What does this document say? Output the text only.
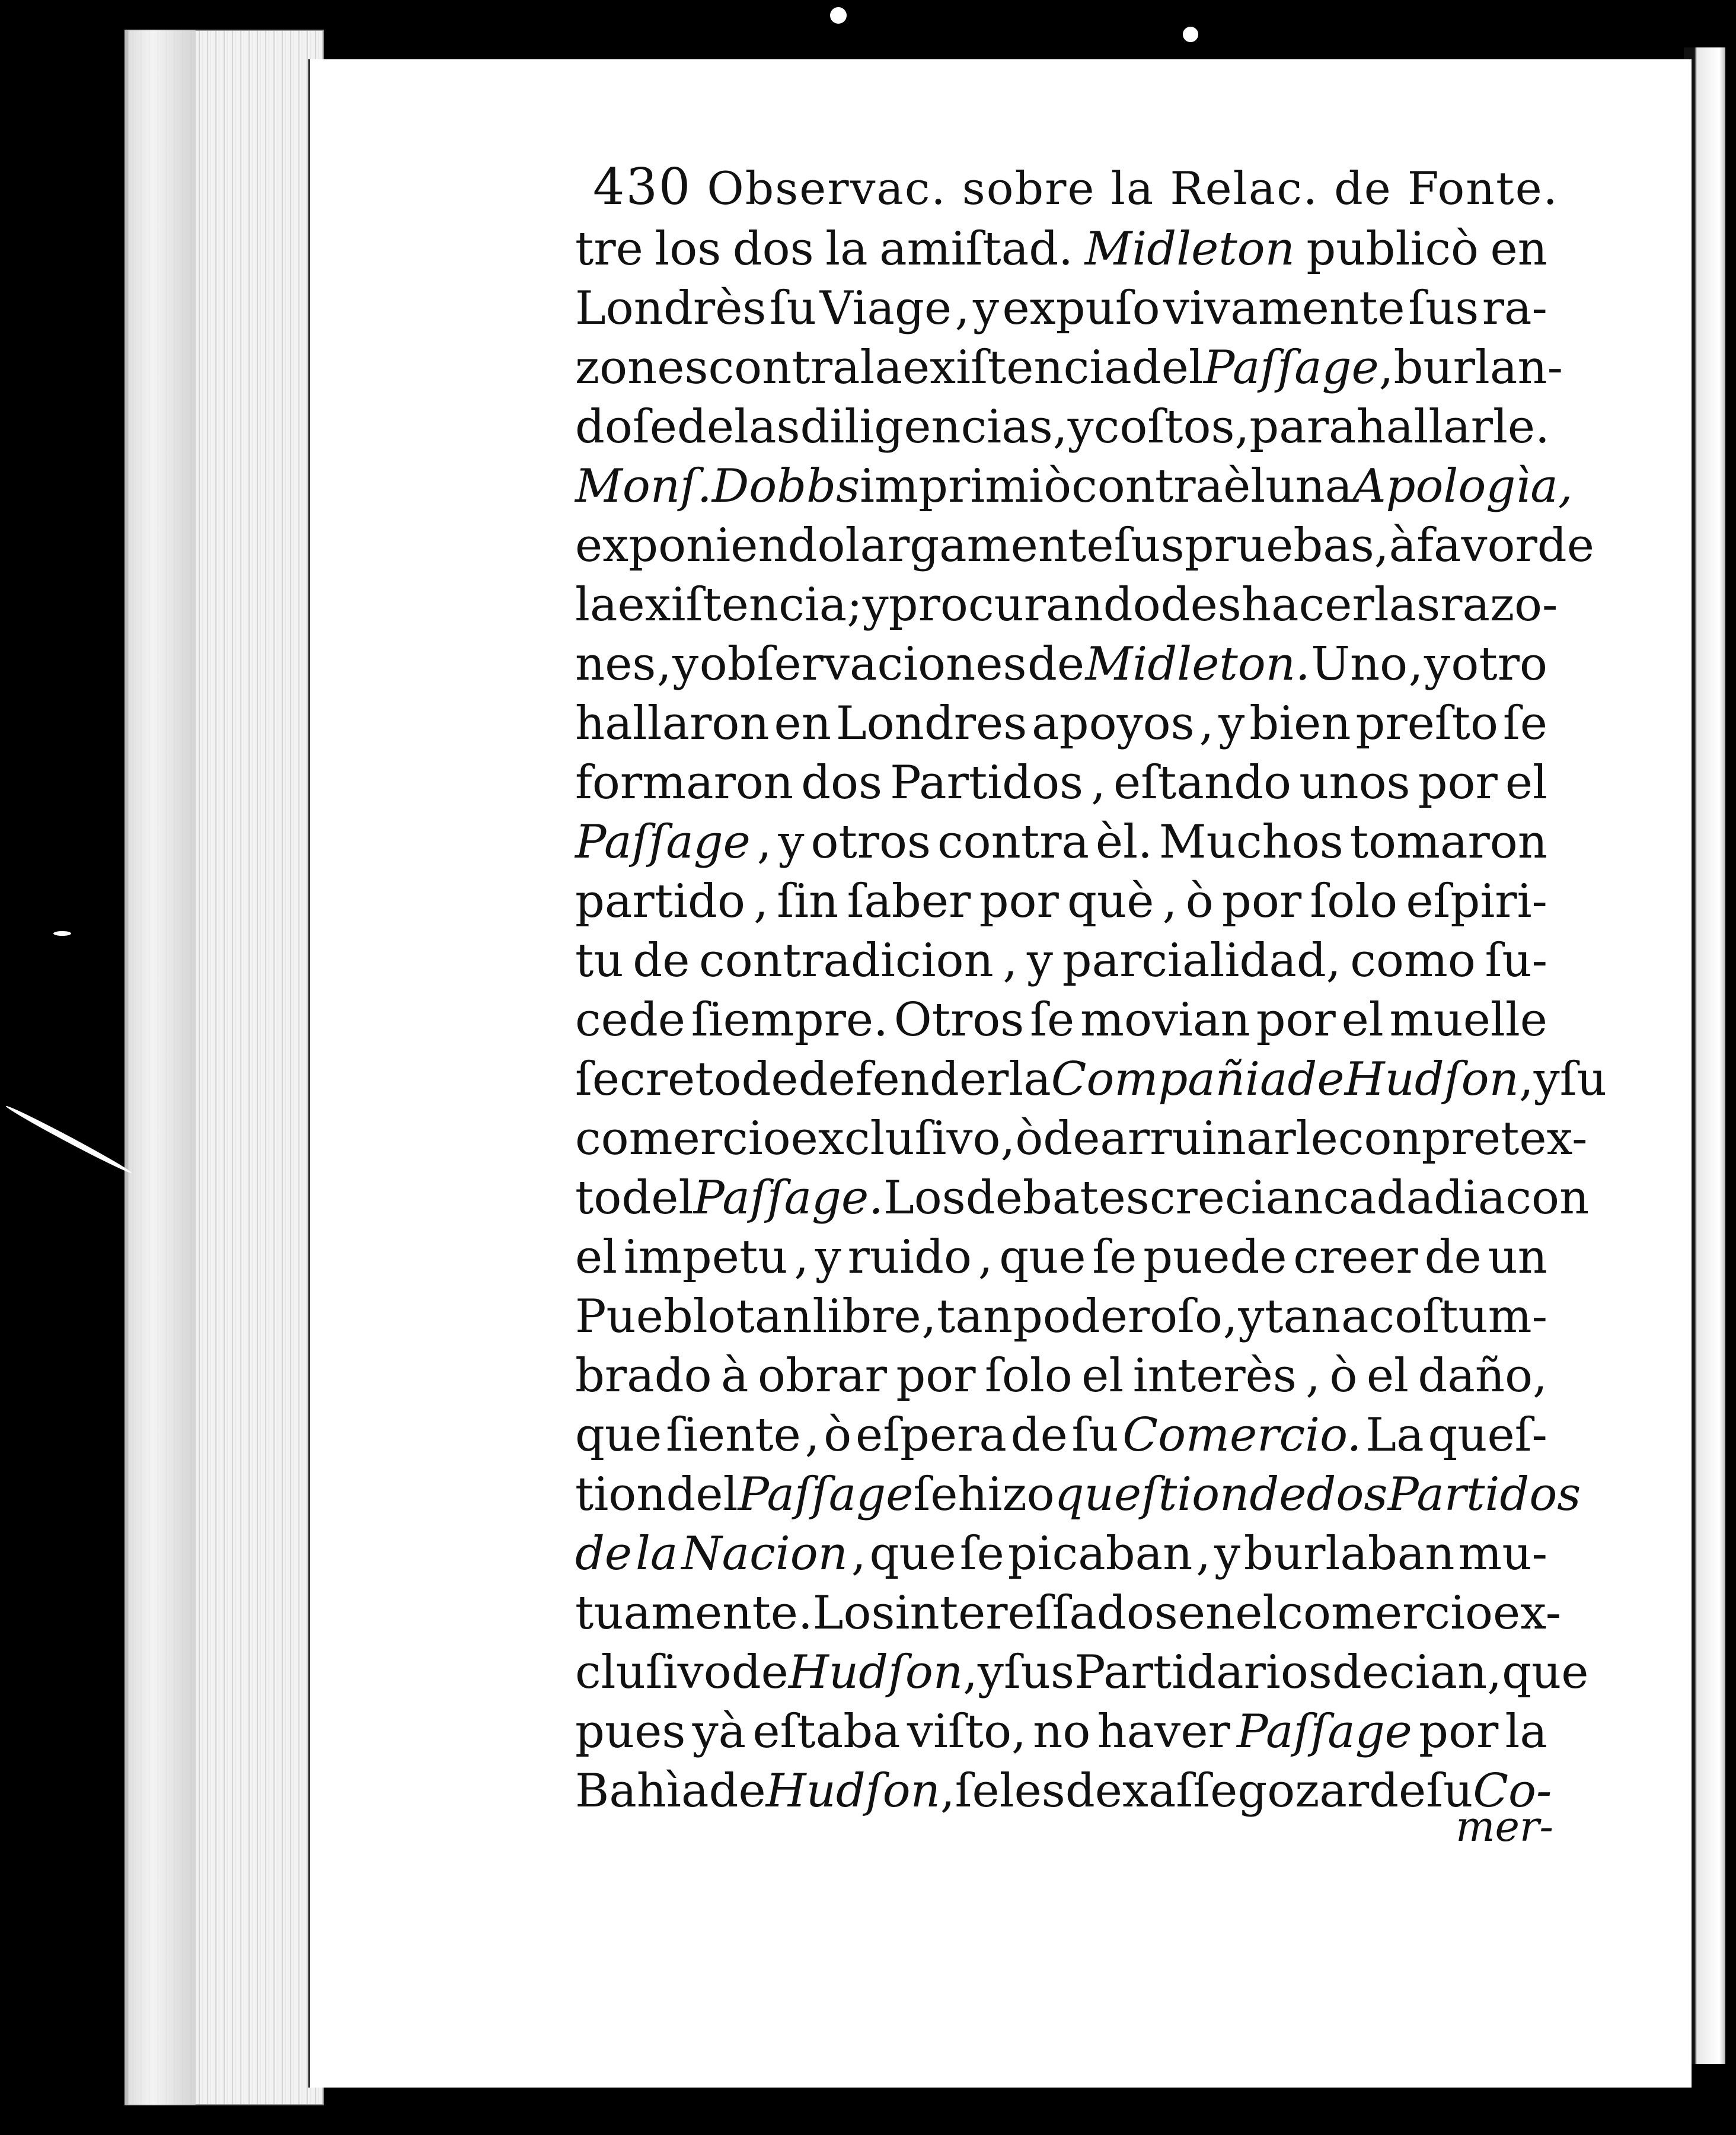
430 Observac. sobre la Relac. de Fonte.
tre los dos la amiſtad. Midleton publicò en
Londrès ſu Viage , y expuſo vivamente ſus ra-
zones contra la exiſtencia del Paſſage , burlan-
doſe de las diligencias , y coſtos , para hallarle.
Monſ. Dobbs imprimiò contra èl una Apologìa,
exponiendo largamente ſus pruebas , à favor de
la exiſtencia ; y procurando deshacer las razo-
nes , y obſervaciones de Midleton. Uno , y otro
hallaron en Londres apoyos , y bien preſto ſe
formaron dos Partidos , eſtando unos por el
Paſſage , y otros contra èl. Muchos tomaron
partido , ſin ſaber por què , ò por ſolo eſpiri-
tu de contradicion , y parcialidad, como ſu-
cede ſiempre. Otros ſe movian por el muelle
ſecreto de defender la Compañia de Hudſon , y ſu
comercio excluſivo , ò de arruinarle con pretex-
to del Paſſage. Los debates crecian cada dia con
el impetu , y ruido , que ſe puede creer de un
Pueblo tan libre , tan poderoſo , y tan acoſtum-
brado à obrar por ſolo el interès , ò el daño,
que ſiente , ò eſpera de ſu Comercio. La queſ-
tion del Paſſage ſe hizo queſtion de dos Partidos
de la Nacion , que ſe picaban , y burlaban mu-
tuamente. Los intereſſados en el comercio ex-
cluſivo de Hudſon , y ſus Partidarios decian , que
pues yà eſtaba viſto, no haver Paſſage por la
Bahìa de Hudſon , ſe les dexaſſe gozar de ſu Co-
mer-
